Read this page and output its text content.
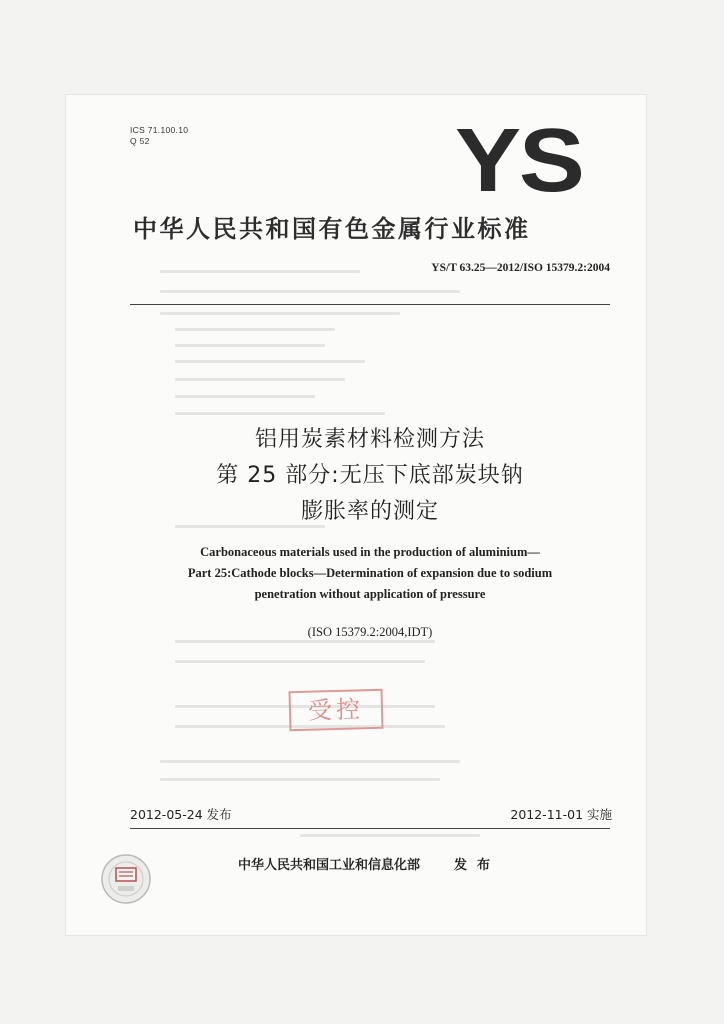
ICS 71.100.10
Q 52	YS
中华人民共和国有色金属行业标准
YS/T 63.25—2012/ISO 15379.2:2004
铝用炭素材料检测方法
第 25 部分:无压下底部炭块钠
膨胀率的测定
Carbonaceous materials used in the production of aluminium—
Part 25:Cathode blocks—Determination of expansion due to sodium
penetration without application of pressure
(ISO 15379.2:2004,IDT)
受控
2012-05-24 发布	2012-11-01 实施
中华人民共和国工业和信息化部	发布
